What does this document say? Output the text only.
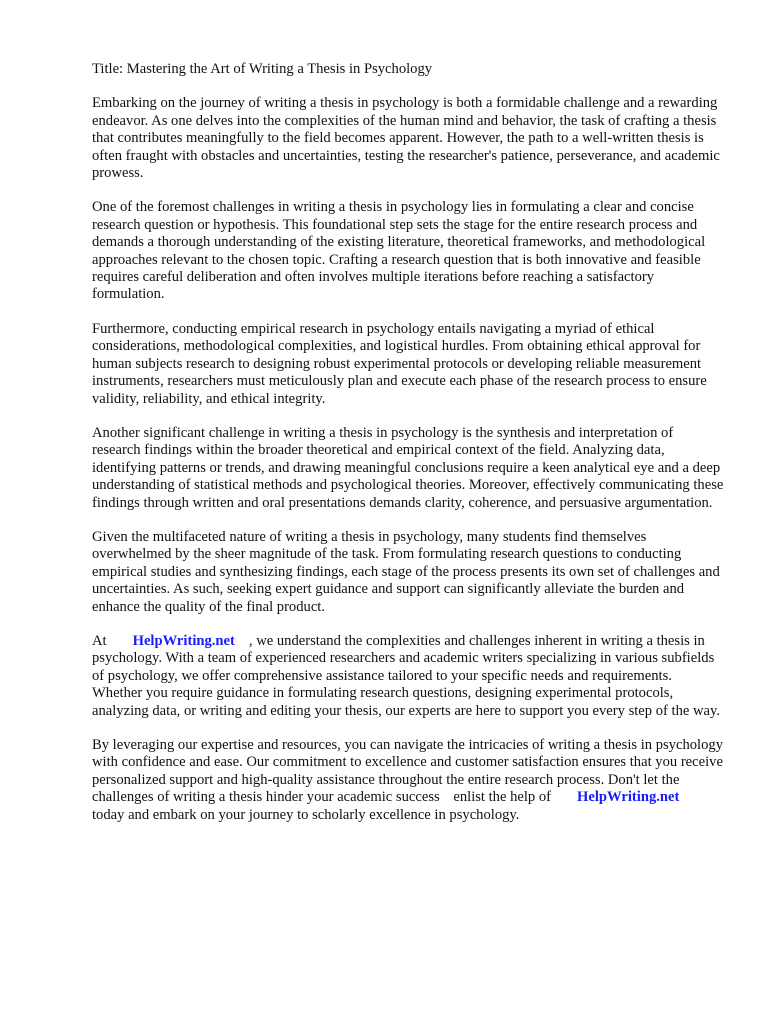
Title: Mastering the Art of Writing a Thesis in Psychology

Embarking on the journey of writing a thesis in psychology is both a formidable challenge and a rewarding endeavor. As one delves into the complexities of the human mind and behavior, the task of crafting a thesis that contributes meaningfully to the field becomes apparent. However, the path to a well-written thesis is often fraught with obstacles and uncertainties, testing the researcher's patience, perseverance, and academic prowess.

One of the foremost challenges in writing a thesis in psychology lies in formulating a clear and concise research question or hypothesis. This foundational step sets the stage for the entire research process and demands a thorough understanding of the existing literature, theoretical frameworks, and methodological approaches relevant to the chosen topic. Crafting a research question that is both innovative and feasible requires careful deliberation and often involves multiple iterations before reaching a satisfactory formulation.

Furthermore, conducting empirical research in psychology entails navigating a myriad of ethical considerations, methodological complexities, and logistical hurdles. From obtaining ethical approval for human subjects research to designing robust experimental protocols or developing reliable measurement instruments, researchers must meticulously plan and execute each phase of the research process to ensure validity, reliability, and ethical integrity.

Another significant challenge in writing a thesis in psychology is the synthesis and interpretation of research findings within the broader theoretical and empirical context of the field. Analyzing data, identifying patterns or trends, and drawing meaningful conclusions require a keen analytical eye and a deep understanding of statistical methods and psychological theories. Moreover, effectively communicating these findings through written and oral presentations demands clarity, coherence, and persuasive argumentation.

Given the multifaceted nature of writing a thesis in psychology, many students find themselves overwhelmed by the sheer magnitude of the task. From formulating research questions to conducting empirical studies and synthesizing findings, each stage of the process presents its own set of challenges and uncertainties. As such, seeking expert guidance and support can significantly alleviate the burden and enhance the quality of the final product.

At HelpWriting.net , we understand the complexities and challenges inherent in writing a thesis in psychology. With a team of experienced researchers and academic writers specializing in various subfields of psychology, we offer comprehensive assistance tailored to your specific needs and requirements. Whether you require guidance in formulating research questions, designing experimental protocols, analyzing data, or writing and editing your thesis, our experts are here to support you every step of the way.

By leveraging our expertise and resources, you can navigate the intricacies of writing a thesis in psychology with confidence and ease. Our commitment to excellence and customer satisfaction ensures that you receive personalized support and high-quality assistance throughout the entire research process. Don't let the challenges of writing a thesis hinder your academic success enlist the help of HelpWriting.nettoday and embark on your journey to scholarly excellence in psychology.
